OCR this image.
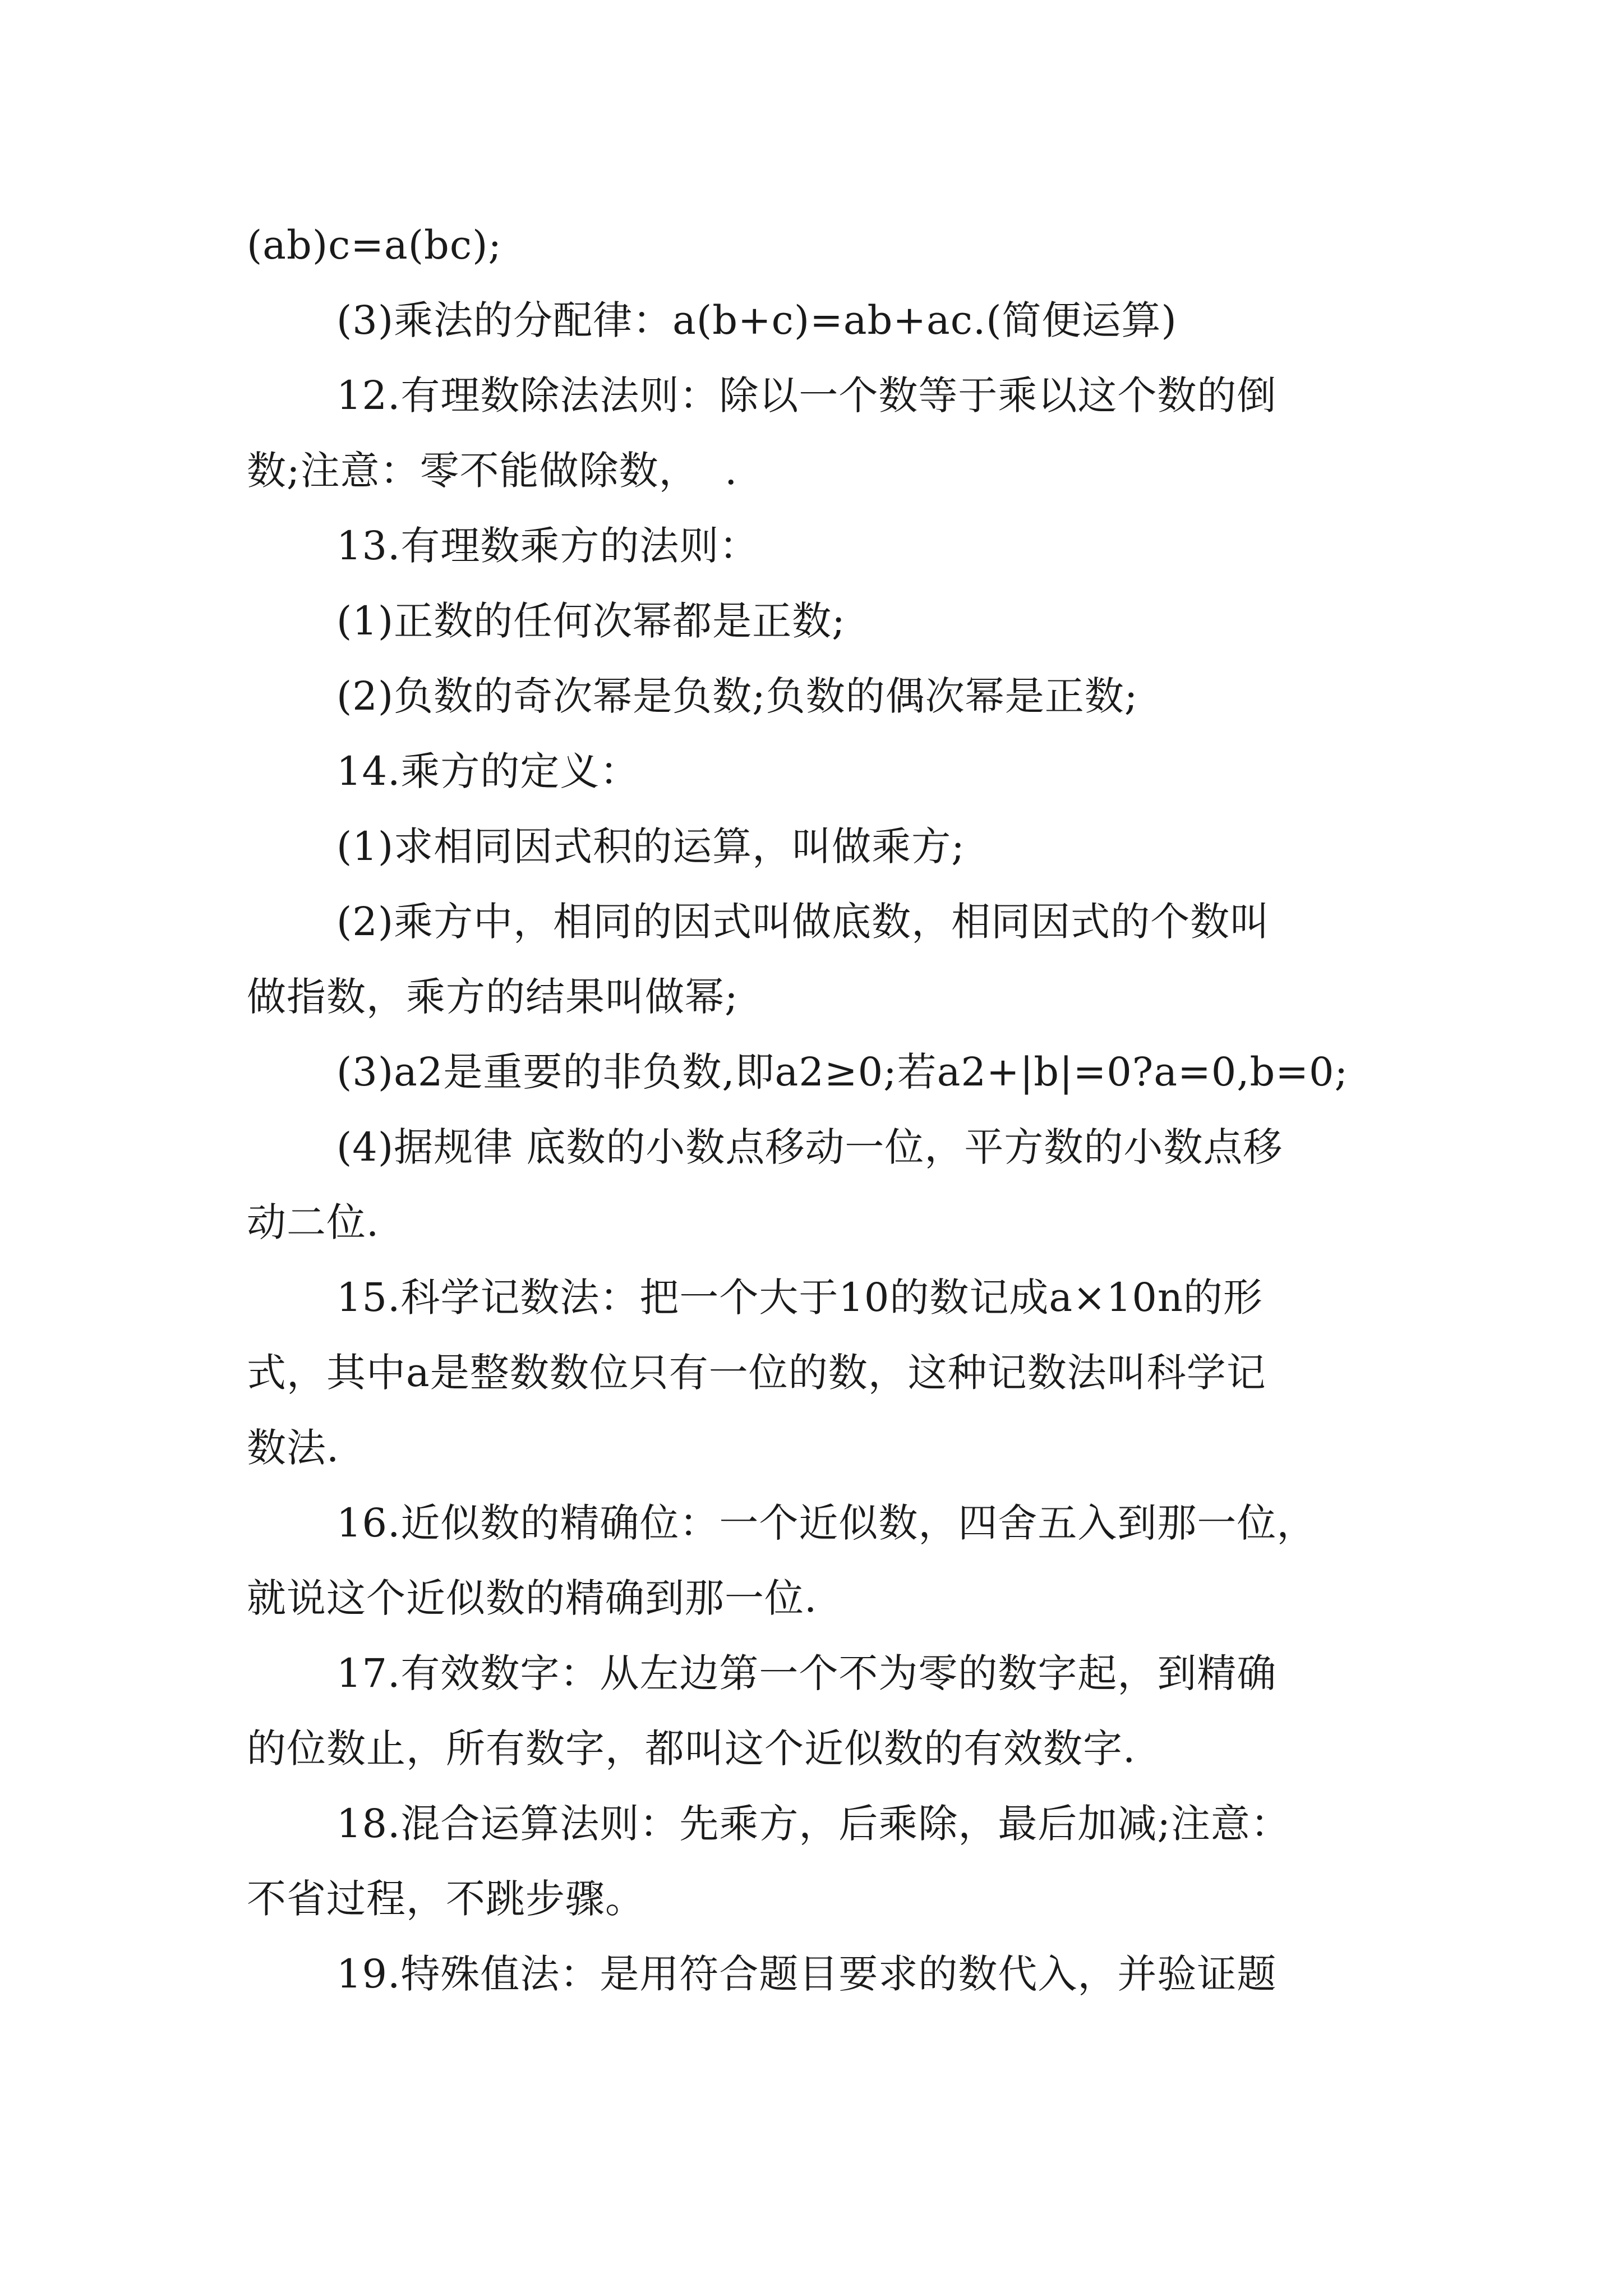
(ab)c=a(bc);
(3)乘法的分配律：a(b+c)=ab+ac.(简便运算)
12.有理数除法法则：除以一个数等于乘以这个数的倒
数;注意：零不能做除数，  .
13.有理数乘方的法则：
(1)正数的任何次幂都是正数;
(2)负数的奇次幂是负数;负数的偶次幂是正数;
14.乘方的定义：
(1)求相同因式积的运算，叫做乘方;
(2)乘方中，相同的因式叫做底数，相同因式的个数叫
做指数，乘方的结果叫做幂;
(3)a2是重要的非负数,即a2≥0;若a2+|b|=0?a=0,b=0;
(4)据规律 底数的小数点移动一位，平方数的小数点移
动二位.
15.科学记数法：把一个大于10的数记成a×10n的形
式，其中a是整数数位只有一位的数，这种记数法叫科学记
数法.
16.近似数的精确位：一个近似数，四舍五入到那一位，
就说这个近似数的精确到那一位.
17.有效数字：从左边第一个不为零的数字起，到精确
的位数止，所有数字，都叫这个近似数的有效数字.
18.混合运算法则：先乘方，后乘除，最后加减;注意：
不省过程，不跳步骤。
19.特殊值法：是用符合题目要求的数代入，并验证题
